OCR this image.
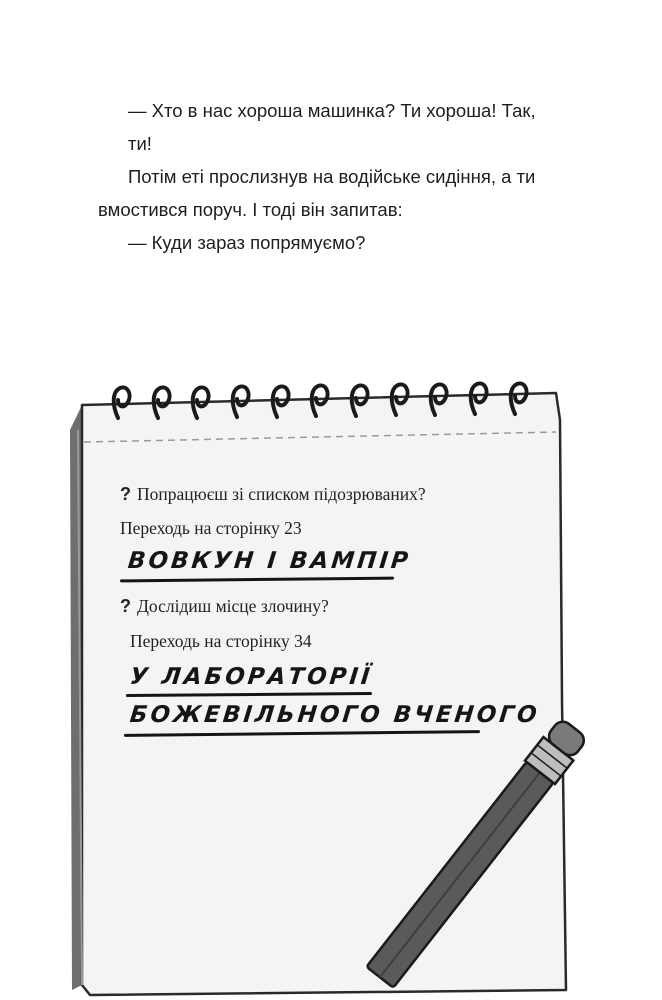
— Хто в нас хороша машинка? Ти хороша! Так,
ти!
Потім еті прослизнув на водійське сидіння, а ти
вмостився поруч. І тоді він запитав:
— Куди зараз попрямуємо?
? Попрацюєш зі списком підозрюваних?
Переходь на сторінку 23
ВОВКУН І ВАМПІР
? Дослідиш місце злочину?
Переходь на сторінку 34
У ЛАБОРАТОРІЇ
БОЖЕВІЛЬНОГО ВЧЕНОГО
